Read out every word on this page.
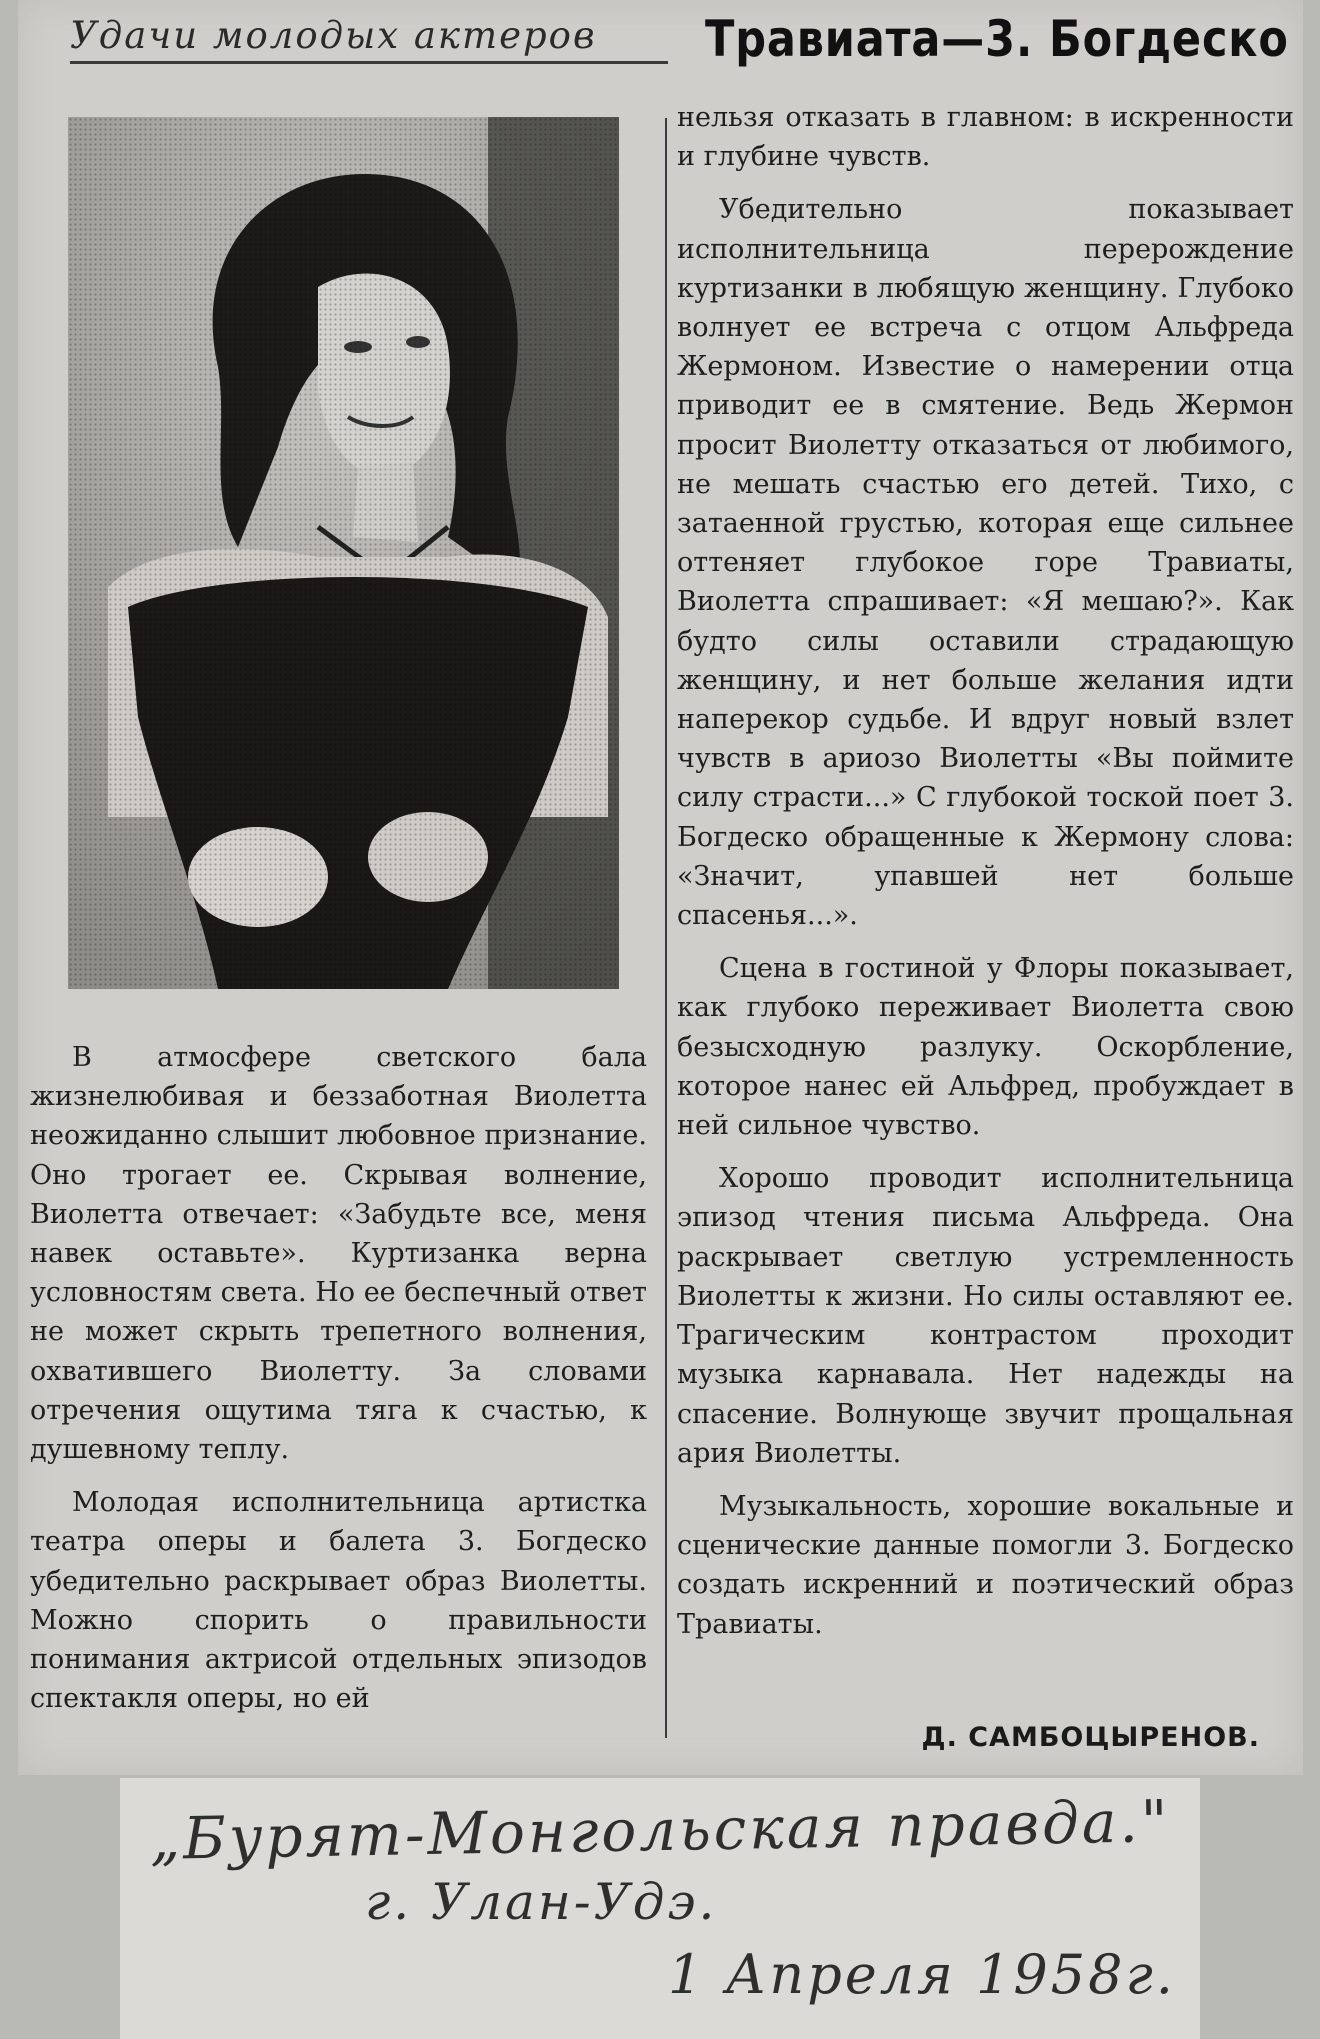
Удачи молодых актеров	Травиата—3. Богдеско

В атмосфере светского бала жизнелюбивая и беззаботная Виолетта неожиданно слышит любовное признание. Оно трогает ее. Скрывая волнение, Виолетта отвечает: «Забудьте все, меня навек оставьте». Куртизанка верна условностям света. Но ее беспечный ответ не может скрыть трепетного волнения, охватившего Виолетту. За словами отречения ощутима тяга к счастью, к душевному теплу.

Молодая исполнительница артистка театра оперы и балета 3. Богдеско убедительно раскрывает образ Виолетты. Можно спорить о правильности понимания актрисой отдельных эпизодов спектакля оперы, но ей

нельзя отказать в главном: в искренности и глубине чувств.

Убедительно показывает исполнительница перерождение куртизанки в любящую женщину. Глубоко волнует ее встреча с отцом Альфреда Жермоном. Известие о намерении отца приводит ее в смятение. Ведь Жермон просит Виолетту отказаться от любимого, не мешать счастью его детей. Тихо, с затаенной грустью, которая еще сильнее оттеняет глубокое горе Травиаты, Виолетта спрашивает: «Я мешаю?». Как будто силы оставили страдающую женщину, и нет больше желания идти наперекор судьбе. И вдруг новый взлет чувств в ариозо Виолетты «Вы поймите силу страсти...» С глубокой тоской поет 3. Богдеско обращенные к Жермону слова: «Значит, упавшей нет больше спасенья...».

Сцена в гостиной у Флоры показывает, как глубоко переживает Виолетта свою безысходную разлуку. Оскорбление, которое нанес ей Альфред, пробуждает в ней сильное чувство.

Хорошо проводит исполнительница эпизод чтения письма Альфреда. Она раскрывает светлую устремленность Виолетты к жизни. Но силы оставляют ее. Трагическим контрастом проходит музыка карнавала. Нет надежды на спасение. Волнующе звучит прощальная ария Виолетты.

Музыкальность, хорошие вокальные и сценические данные помогли 3. Богдеско создать искренний и поэтический образ Травиаты.

Д. САМБОЦЫРЕНОВ.
„Бурят-Монгольская правда."
г. Улан-Удэ.
1 Апреля 1958г.
